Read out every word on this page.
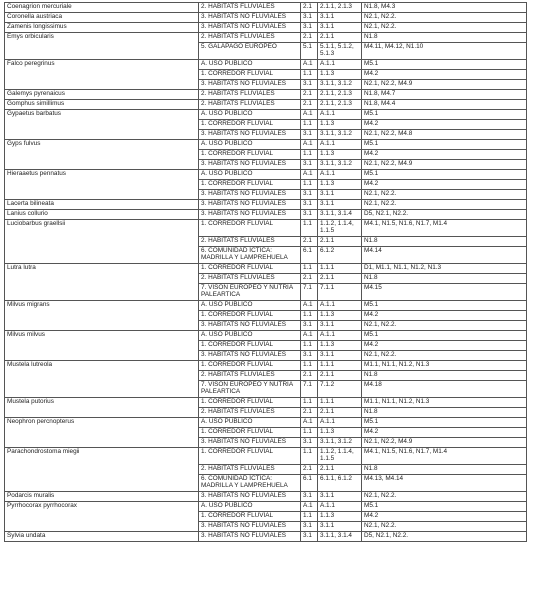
Coenagrion mercuriale	2. HÁBITATS FLUVIALES	2.1	2.1.1, 2.1.3	N1.8, M4.3
Coronella austriaca	3. HÁBITATS NO FLUVIALES	3.1	3.1.1	N2.1, N2.2.
Zamenis longissimus	3. HÁBITATS NO FLUVIALES	3.1	3.1.1	N2.1, N2.2.
Emys orbicularis	2. HÁBITATS FLUVIALES	2.1	2.1.1	N1.8
	5. GALÁPAGO EUROPEO	5.1	5.1.1, 5.1.2, 5.1.3	M4.11, M4.12, N1.10
Falco peregrinus	A. USO PÚBLICO	A.1	A.1.1	M5.1
	1. CORREDOR FLUVIAL	1.1	1.1.3	M4.2
	3. HÁBITATS NO FLUVIALES	3.1	3.1.1, 3.1.2	N2.1, N2.2, M4.9
Galemys pyrenaicus	2. HÁBITATS FLUVIALES	2.1	2.1.1, 2.1.3	N1.8, M4.7
Gomphus simillimus	2. HÁBITATS FLUVIALES	2.1	2.1.1, 2.1.3	N1.8, M4.4
Gypaetus barbatus	A. USO PÚBLICO	A.1	A.1.1	M5.1
	1. CORREDOR FLUVIAL	1.1	1.1.3	M4.2
	3. HÁBITATS NO FLUVIALES	3.1	3.1.1, 3.1.2	N2.1, N2.2, M4.8
Gyps fulvus	A. USO PÚBLICO	A.1	A.1.1	M5.1
	1. CORREDOR FLUVIAL	1.1	1.1.3	M4.2
	3. HÁBITATS NO FLUVIALES	3.1	3.1.1, 3.1.2	N2.1, N2.2, M4.9
Hieraaetus pennatus	A. USO PÚBLICO	A.1	A.1.1	M5.1
	1. CORREDOR FLUVIAL	1.1	1.1.3	M4.2
	3. HÁBITATS NO FLUVIALES	3.1	3.1.1	N2.1, N2.2.
Lacerta bilineata	3. HÁBITATS NO FLUVIALES	3.1	3.1.1	N2.1, N2.2.
Lanius collurio	3. HÁBITATS NO FLUVIALES	3.1	3.1.1, 3.1.4	D5, N2.1, N2.2.
Luciobarbus graellsii	1. CORREDOR FLUVIAL	1.1	1.1.2, 1.1.4, 1.1.5	M4.1, N1.5, N1.6, N1.7, M1.4
	2. HÁBITATS FLUVIALES	2.1	2.1.1	N1.8
	6. COMUNIDAD ÍCTICA: MADRILLA Y LAMPREHUELA	6.1	6.1.2	M4.14
Lutra lutra	1. CORREDOR FLUVIAL	1.1	1.1.1	D1, M1.1, N1.1, N1.2, N1.3
	2. HÁBITATS FLUVIALES	2.1	2.1.1	N1.8
	7. VISÓN EUROPEO Y NUTRIA PALEARTICA	7.1	7.1.1	M4.15
Milvus migrans	A. USO PÚBLICO	A.1	A.1.1	M5.1
	1. CORREDOR FLUVIAL	1.1	1.1.3	M4.2
	3. HÁBITATS NO FLUVIALES	3.1	3.1.1	N2.1, N2.2.
Milvus milvus	A. USO PÚBLICO	A.1	A.1.1	M5.1
	1. CORREDOR FLUVIAL	1.1	1.1.3	M4.2
	3. HÁBITATS NO FLUVIALES	3.1	3.1.1	N2.1, N2.2.
Mustela lutreola	1. CORREDOR FLUVIAL	1.1	1.1.1	M1.1, N1.1, N1.2, N1.3
	2. HÁBITATS FLUVIALES	2.1	2.1.1	N1.8
	7. VISÓN EUROPEO Y NUTRIA PALEARTICA	7.1	7.1.2	M4.18
Mustela putorius	1. CORREDOR FLUVIAL	1.1	1.1.1	M1.1, N1.1, N1.2, N1.3
	2. HÁBITATS FLUVIALES	2.1	2.1.1	N1.8
Neophron percnopterus	A. USO PÚBLICO	A.1	A.1.1	M5.1
	1. CORREDOR FLUVIAL	1.1	1.1.3	M4.2
	3. HÁBITATS NO FLUVIALES	3.1	3.1.1, 3.1.2	N2.1, N2.2, M4.9
Parachondrostoma miegii	1. CORREDOR FLUVIAL	1.1	1.1.2, 1.1.4, 1.1.5	M4.1, N1.5, N1.6, N1.7, M1.4
	2. HÁBITATS FLUVIALES	2.1	2.1.1	N1.8
	6. COMUNIDAD ÍCTICA: MADRILLA Y LAMPREHUELA	6.1	6.1.1, 6.1.2	M4.13, M4.14
Podarcis muralis	3. HÁBITATS NO FLUVIALES	3.1	3.1.1	N2.1, N2.2.
Pyrrhocorax pyrrhocorax	A. USO PÚBLICO	A.1	A.1.1	M5.1
	1. CORREDOR FLUVIAL	1.1	1.1.3	M4.2
	3. HÁBITATS NO FLUVIALES	3.1	3.1.1	N2.1, N2.2.
Sylvia undata	3. HÁBITATS NO FLUVIALES	3.1	3.1.1, 3.1.4	D5, N2.1, N2.2.
